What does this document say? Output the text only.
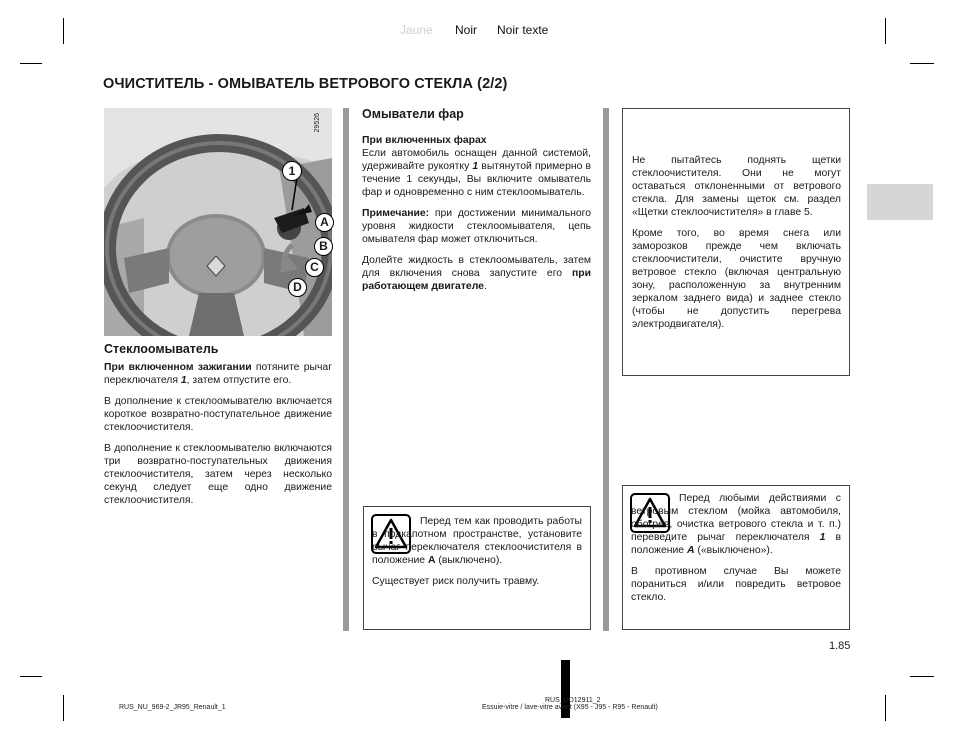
Jaune Noir Noir texte
ОЧИСТИТЕЛЬ - ОМЫВАТЕЛЬ ВЕТРОВОГО СТЕКЛА (2/2)
29526
1
A
B
C
D
Стеклоомыватель

При включенном зажигании потяните рычаг переключателя 1, затем отпустите его.

В дополнение к стеклоомывателю включается короткое возвратно-поступательное движение стеклоочистителя.

В дополнение к стеклоомывателю включаются три возвратно-поступательных движения стеклоочистителя, затем через несколько секунд следует еще одно движение стеклоочистителя.

Омыватели фар

При включенных фарах

Если автомобиль оснащен данной системой, удерживайте рукоятку 1 вытянутой примерно в течение 1 секунды, Вы включите омыватель фар и одновременно с ним стеклоомыватель.

Примечание: при достижении минимального уровня жидкости стеклоомывателя, цепь омывателя фар может отключиться.

Долейте жидкость в стеклоомыватель, затем для включения снова запустите его при работающем двигателе.

Перед тем как проводить работы в подкапотном пространстве, установите рычаг переключателя стеклоочистителя в положение A (выключено).

Существует риск получить травму.

Не пытайтесь поднять щетки стеклоочистителя. Они не могут оставаться отклоненными от ветрового стекла. Для замены щеток см. раздел «Щетки стеклоочистителя» в главе 5.

Кроме того, во время снега или заморозков прежде чем включать стеклоочистители, очистите вручную ветровое стекло (включая центральную зону, расположенную за внутренним зеркалом заднего вида) и заднее стекло (чтобы не допустить перегрева электродвигателя).

Перед любыми действиями с ветровым стеклом (мойка автомобиля, обогрев, очистка ветрового стекла и т. п.) переведите рычаг переключателя 1 в положение A («выключено»).

В противном случае Вы можете пораниться и/или повредить ветровое стекло.

1.85
RUS_NU_969-2_JR95_Renault_1
RUS_UD12911_2
Essuie-vitre / lave-vitre avant (X95 - J95 - R95 - Renault)
